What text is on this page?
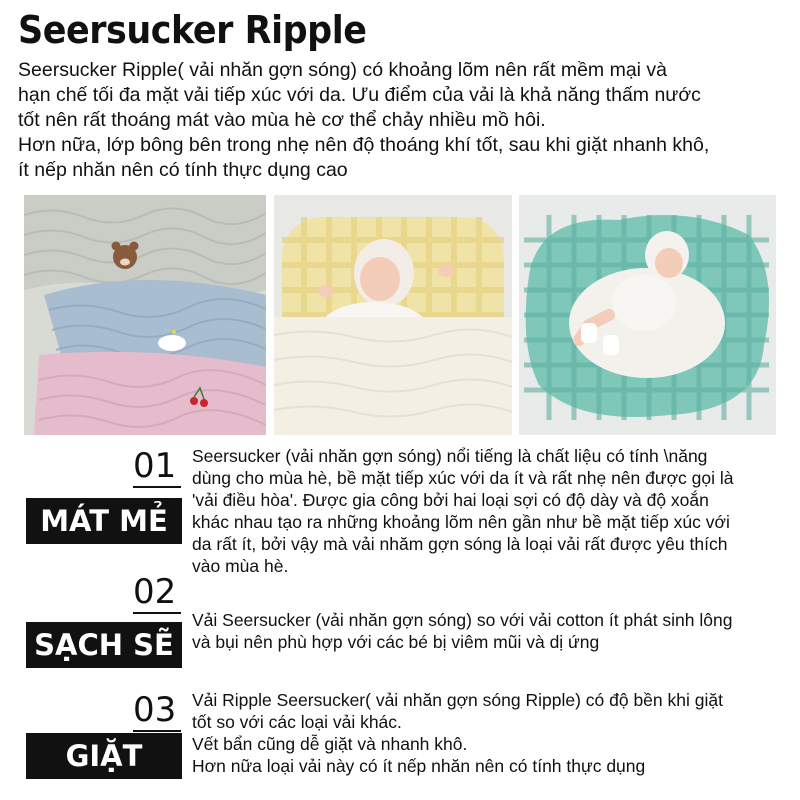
Seersucker Ripple

Seersucker Ripple( vải nhăn gợn sóng) có khoảng lõm nên rất mềm mại và

hạn chế tối đa mặt vải tiếp xúc với da. Ưu điểm của vải là khả năng thấm nước

tốt nên rất thoáng mát vào mùa hè cơ thể chảy nhiều mồ hôi.

Hơn nữa, lớp bông bên trong nhẹ nên độ thoáng khí tốt, sau khi giặt nhanh khô,

ít nếp nhăn nên có tính thực dụng cao

01
MÁT MẺ

Seersucker (vải nhăn gợn sóng) nổi tiếng là chất liệu có tính \năng

dùng cho mùa hè, bề mặt tiếp xúc với da ít và rất nhẹ nên được gọi là

'vải điều hòa'. Được gia công bởi hai loại sợi có độ dày và độ xoắn

khác nhau tạo ra những khoảng lõm nên gần như bề mặt tiếp xúc với

da rất ít, bởi vậy mà vải nhăm gợn sóng là loại vải rất được yêu thích

vào mùa hè.

02
SẠCH SẼ

Vải Seersucker (vải nhăn gợn sóng) so với vải cotton ít phát sinh lông

và bụi nên phù hợp với các bé bị viêm mũi và dị ứng

03
GIẶT

Vải Ripple Seersucker( vải nhăn gợn sóng Ripple) có độ bền khi giặt

tốt so với các loại vải khác.

Vết bẩn cũng dễ giặt và nhanh khô.

Hơn nữa loại vải này có ít nếp nhăn nên có tính thực dụng
